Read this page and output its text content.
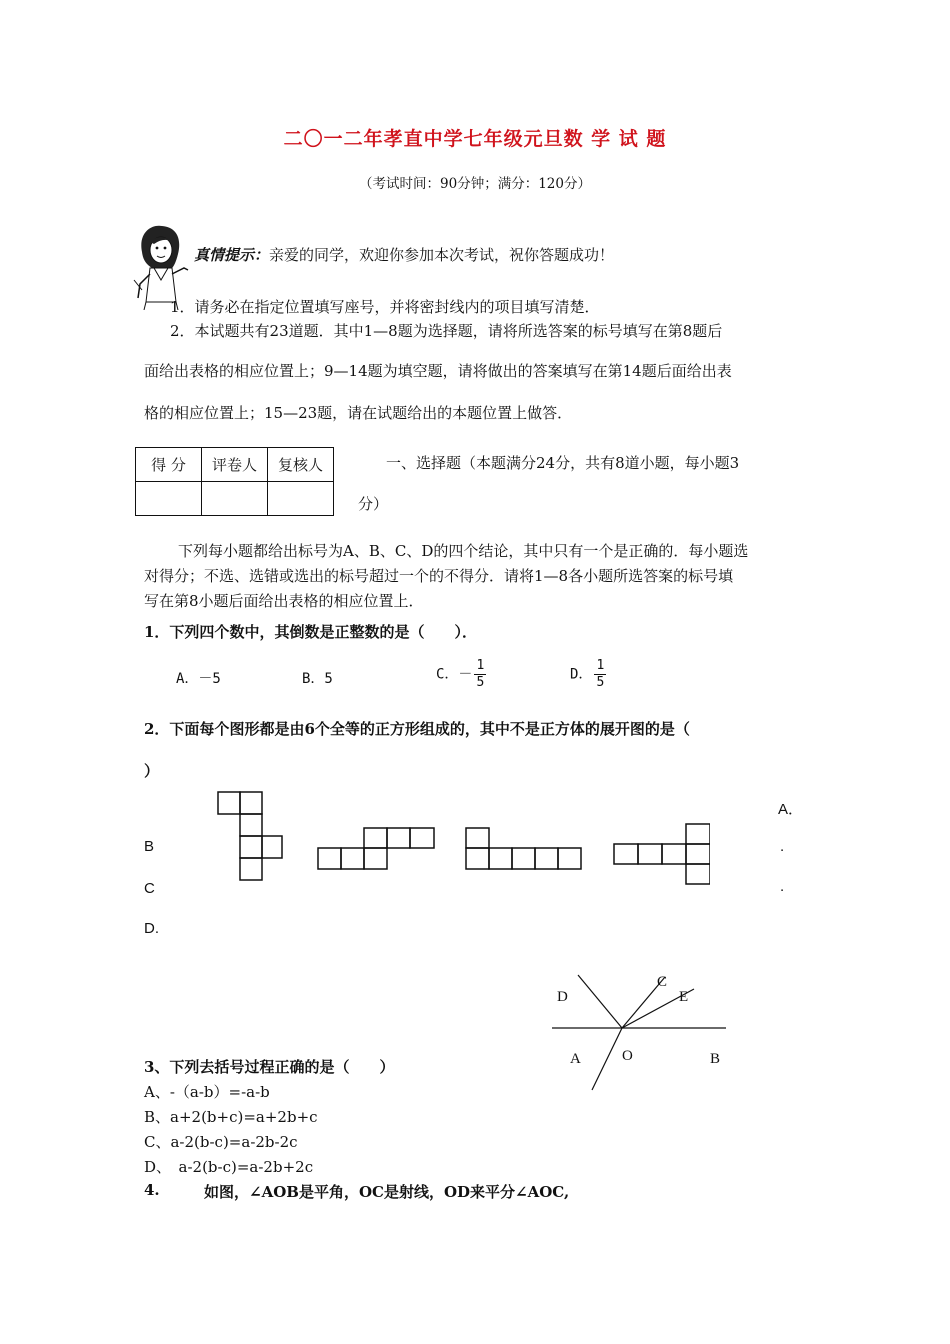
二〇一二年孝直中学七年级元旦数 学 试 题
（考试时间：90分钟；满分：120分）
真情提示：亲爱的同学，欢迎你参加本次考试，祝你答题成功！
1．请务必在指定位置填写座号，并将密封线内的项目填写清楚．
2．本试题共有23道题．其中1—8题为选择题，请将所选答案的标号填写在第8题后
面给出表格的相应位置上；9—14题为填空题，请将做出的答案填写在第14题后面给出表
格的相应位置上；15—23题，请在试题给出的本题位置上做答．
得 分	评卷人	复核人
			一、选择题（本题满分24分，共有8道小题，每小题3
分）
下列每小题都给出标号为A、B、C、D的四个结论，其中只有一个是正确的．每小题选
对得分；不选、选错或选出的标号超过一个的不得分．请将1—8各小题所选答案的标号填
写在第8小题后面给出表格的相应位置上．
1．下列四个数中，其倒数是正整数的是（　　）．
A．－5	B．5	C．－ $\frac{1}{5}$	D． $\frac{1}{5}$
2．下面每个图形都是由6个全等的正方形组成的，其中不是正方体的展开图的是（
）
A．
.
.
B
C
D.
D
C
E
A	O	B
3、下列去括号过程正确的是（　　）
A、-（a-b）=-a-b
B、a+2(b+c)=a+2b+c
C、a-2(b-c)=a-2b-2c
D、　a-2(b-c)=a-2b+2c
4.	如图，∠AOB是平角，OC是射线，OD来平分∠AOC,
